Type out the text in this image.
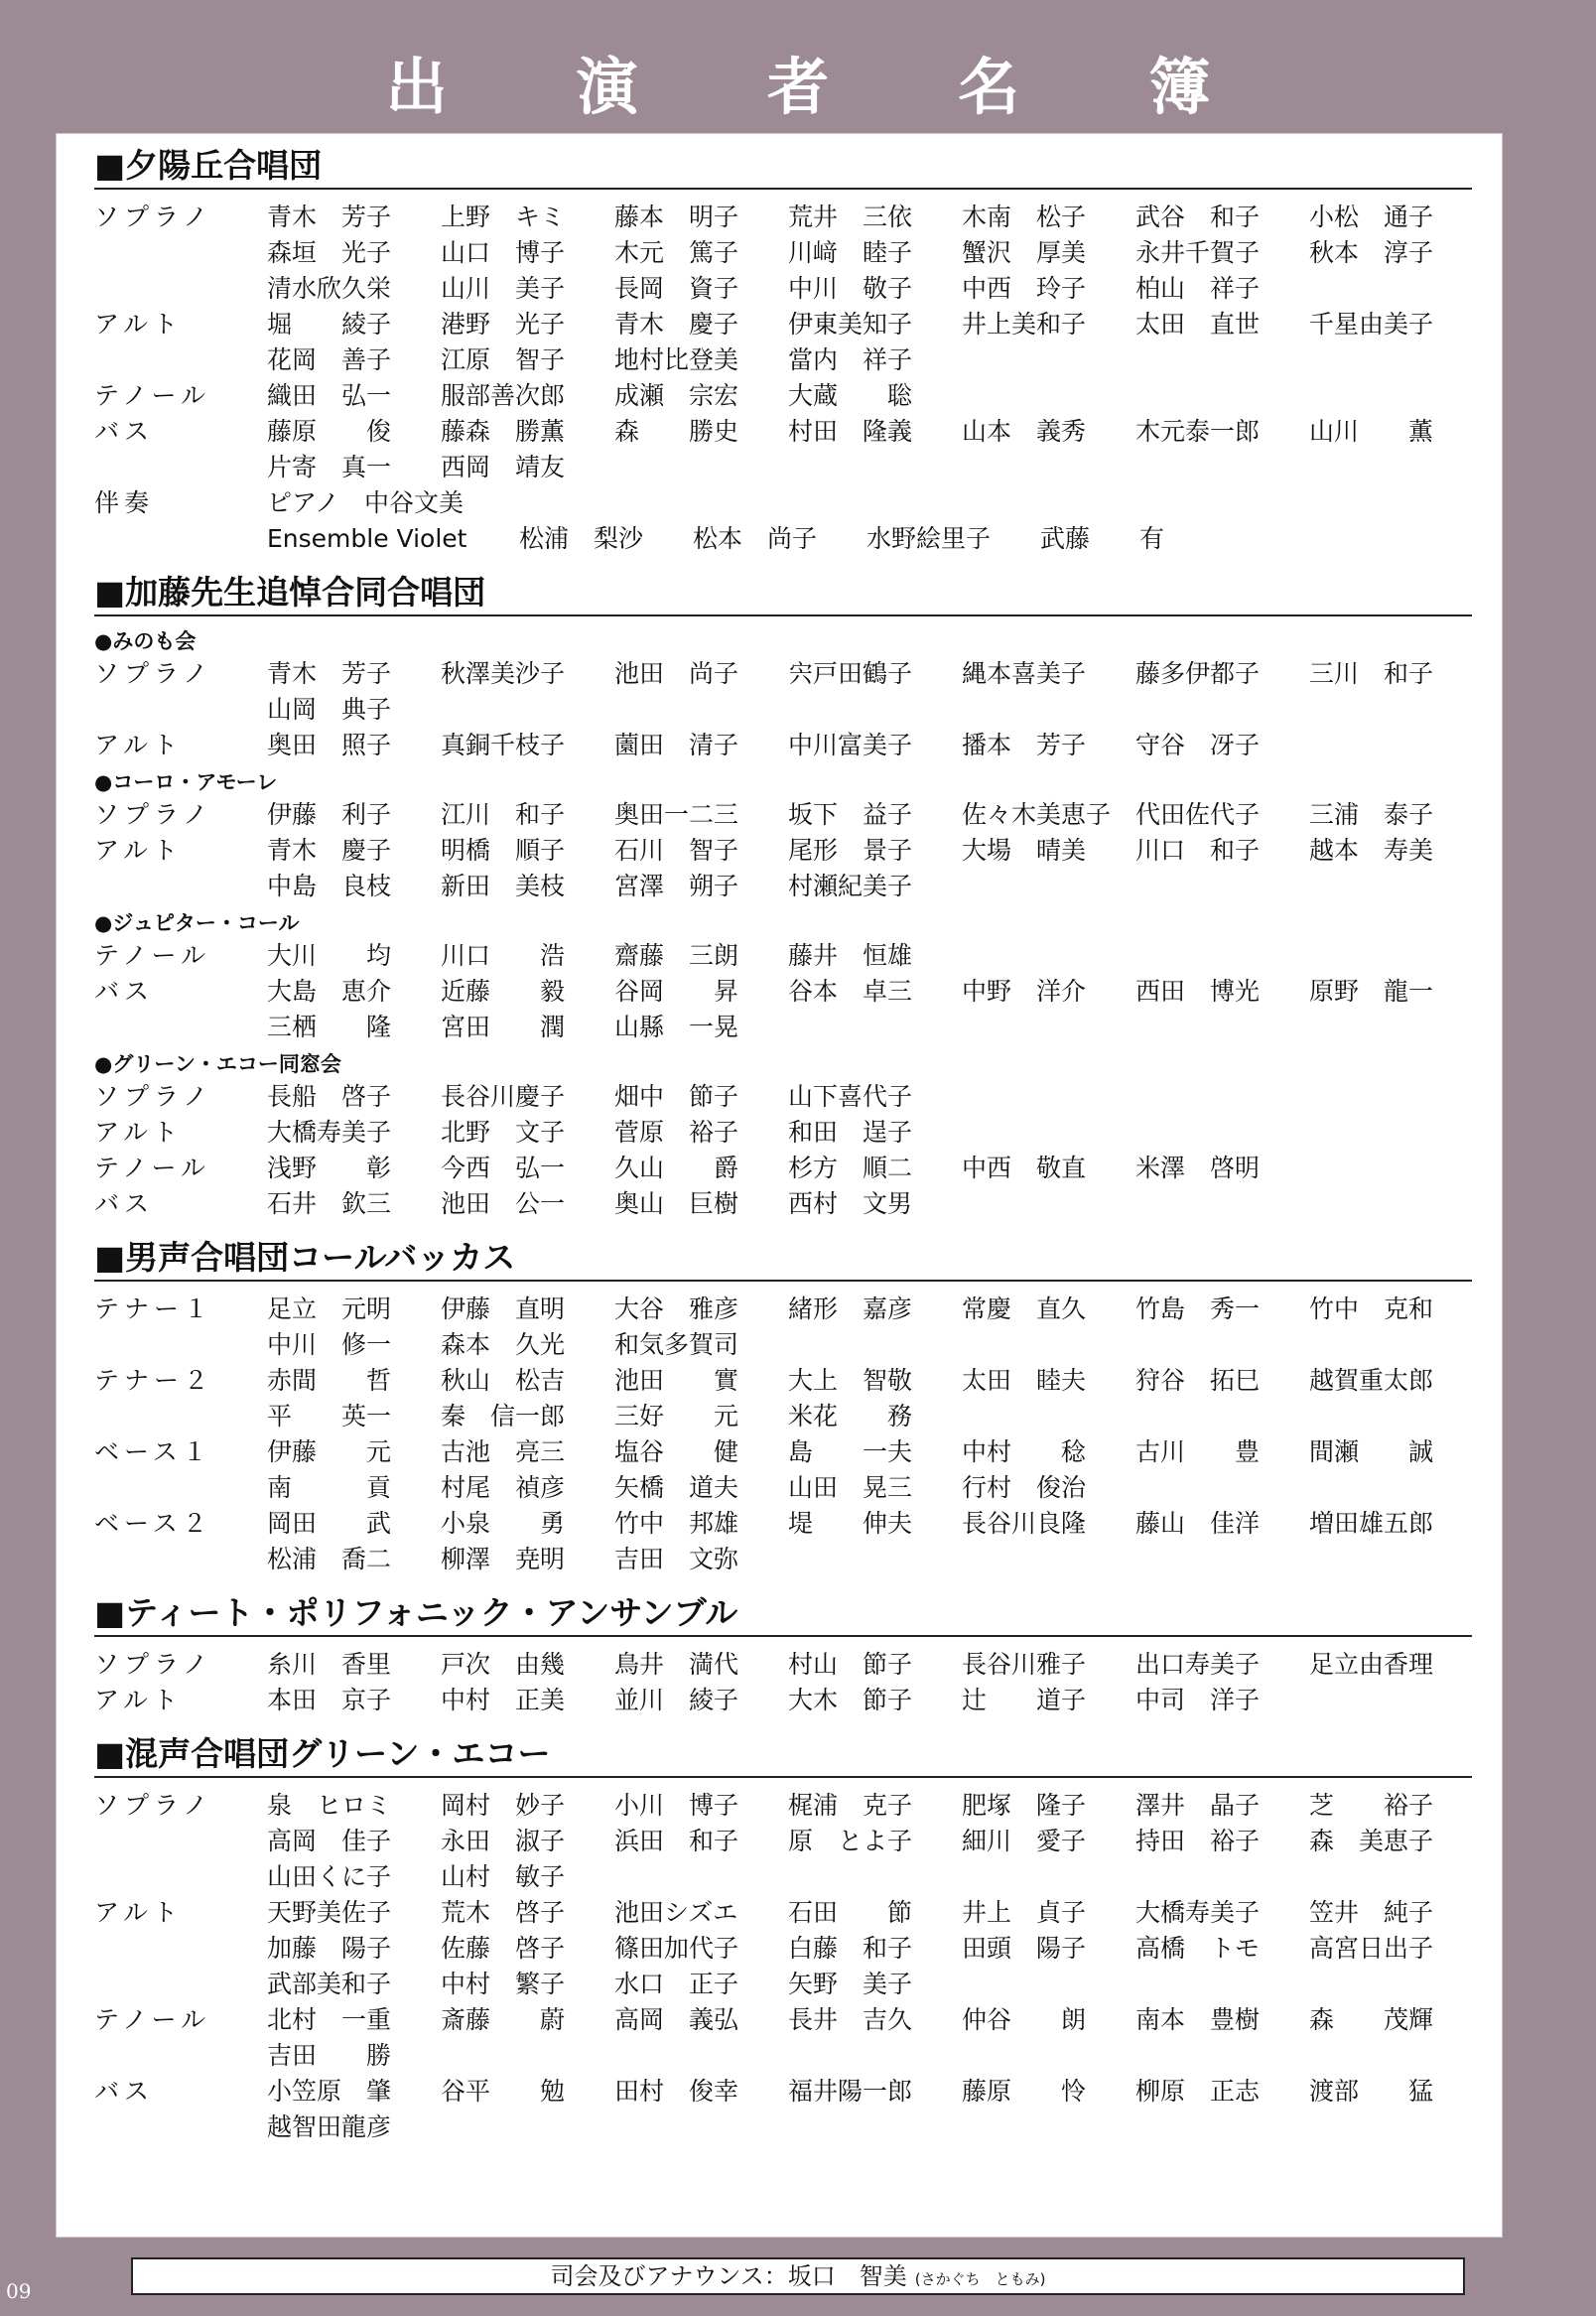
出　演　者　名　簿
■夕陽丘合唱団
ソプラノ	青木　芳子	上野　キミ	藤本　明子	荒井　三依	木南　松子	武谷　和子	小松　通子
森垣　光子	山口　博子	木元　篤子	川﨑　睦子	蟹沢　厚美	永井千賀子	秋本　淳子
清水欣久栄	山川　美子	長岡　資子	中川　敬子	中西　玲子	柏山　祥子
アルト	堀　　綾子	港野　光子	青木　慶子	伊東美知子	井上美和子	太田　直世	千星由美子
花岡　善子	江原　智子	地村比登美	當内　祥子
テノール	織田　弘一	服部善次郎	成瀬　宗宏	大蔵　　聡
バス	藤原　　俊	藤森　勝薫	森　　勝史	村田　隆義	山本　義秀	木元泰一郎	山川　　薫
片寄　真一	西岡　靖友
伴奏	ピアノ　中谷文美
Ensemble Violet	松浦　梨沙	松本　尚子	水野絵里子	武藤　　有
■加藤先生追悼合同合唱団
●みのも会
ソプラノ	青木　芳子	秋澤美沙子	池田　尚子	宍戸田鶴子	縄本喜美子	藤多伊都子	三川　和子
山岡　典子
アルト	奥田　照子	真銅千枝子	薗田　清子	中川富美子	播本　芳子	守谷　冴子
●コーロ・アモーレ
ソプラノ	伊藤　利子	江川　和子	奥田一二三	坂下　益子	佐々木美恵子 代田佐代子	三浦　泰子
アルト	青木　慶子	明橋　順子	石川　智子	尾形　景子	大場　晴美	川口　和子	越本　寿美
中島　良枝	新田　美枝	宮澤　朔子	村瀬紀美子
●ジュピター・コール
テノール	大川　　均	川口　　浩	齋藤　三朗	藤井　恒雄
バス	大島　恵介	近藤　　毅	谷岡　　昇	谷本　卓三	中野　洋介	西田　博光	原野　龍一
三栖　　隆	宮田　　潤	山縣　一晃
●グリーン・エコー同窓会
ソプラノ	長船　啓子	長谷川慶子	畑中　節子	山下喜代子
アルト	大橋寿美子	北野　文子	菅原　裕子	和田　逞子
テノール	浅野　　彰	今西　弘一	久山　　爵	杉方　順二	中西　敬直	米澤　啓明
バス	石井　欽三	池田　公一	奥山　巨樹	西村　文男
■男声合唱団コールバッカス
テナー１	足立　元明	伊藤　直明	大谷　雅彦	緒形　嘉彦	常慶　直久	竹島　秀一	竹中　克和
中川　修一	森本　久光	和気多賀司
テナー２	赤間　　哲	秋山　松吉	池田　　實	大上　智敬	太田　睦夫	狩谷　拓巳	越賀重太郎
平　　英一	秦　信一郎	三好　　元	米花　　務
ベース１	伊藤　　元	古池　亮三	塩谷　　健	島　　一夫	中村　　稔	古川　　豊	間瀬　　誠
南　　　貢	村尾　禎彦	矢橋　道夫	山田　晃三	行村　俊治
ベース２	岡田　　武	小泉　　勇	竹中　邦雄	堤　　伸夫	長谷川良隆	藤山　佳洋	増田雄五郎
松浦　喬二	柳澤　尭明	吉田　文弥
■ティート・ポリフォニック・アンサンブル
ソプラノ	糸川　香里	戸次　由幾	鳥井　満代	村山　節子	長谷川雅子	出口寿美子	足立由香理
アルト	本田　京子	中村　正美	並川　綾子	大木　節子	辻　　道子	中司　洋子
■混声合唱団グリーン・エコー
ソプラノ	泉　ヒロミ	岡村　妙子	小川　博子	梶浦　克子	肥塚　隆子	澤井　晶子	芝　　裕子
高岡　佳子	永田　淑子	浜田　和子	原　とよ子	細川　愛子	持田　裕子	森　美恵子
山田くに子	山村　敏子
アルト	天野美佐子	荒木　啓子	池田シズエ	石田　　節	井上　貞子	大橋寿美子	笠井　純子
加藤　陽子	佐藤　啓子	篠田加代子	白藤　和子	田頭　陽子	高橋　トモ	高宮日出子
武部美和子	中村　繁子	水口　正子	矢野　美子
テノール	北村　一重	斎藤　　蔚	高岡　義弘	長井　吉久	仲谷　　朗	南本　豊樹	森　　茂輝
吉田　　勝
バス	小笠原　肇	谷平　　勉	田村　俊幸	福井陽一郎	藤原　　怜	柳原　正志	渡部　　猛
越智田龍彦
司会及びアナウンス：坂口　智美 (さかぐち　ともみ)
09
